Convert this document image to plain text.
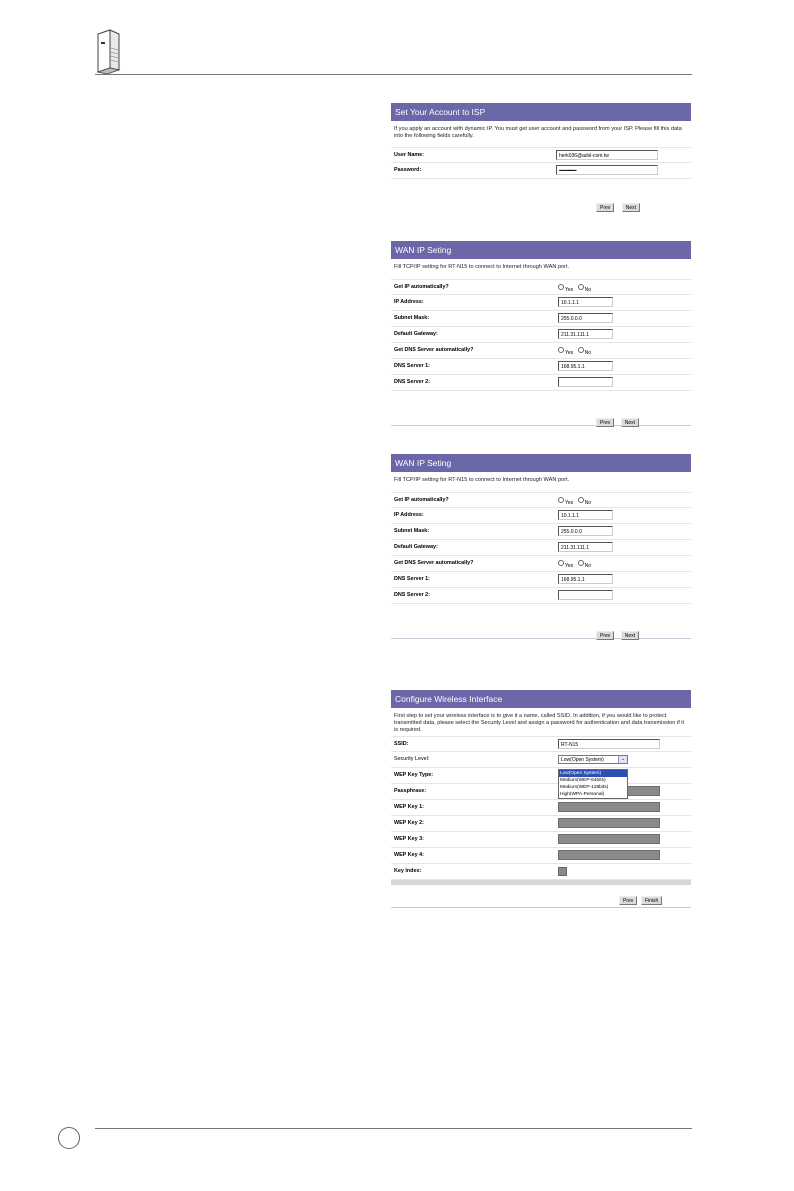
Set Your Account to ISP
If you apply an account with dynamic IP. You must get user account and password from your ISP. Please fill this data into the following fields carefully.
User Name:	herk036@adsl-com.tw
Password:	••••••••••••••••
Prev	Next
WAN IP Seting
Fill TCP/IP setting for RT-N15 to connect to Internet through WAN port.
Get IP automatically?	Yes No
IP Address:	10.1.1.1
Subnet Mask:	255.0.0.0
Default Gateway:	211.31.111.1
Get DNS Server automatically?	Yes No
DNS Server 1:	168.95.1.1
DNS Server 2:
Prev	Next
WAN IP Seting
Fill TCP/IP setting for RT-N15 to connect to Internet through WAN port.
Get IP automatically?	Yes No
IP Address:	10.1.1.1
Subnet Mask:	255.0.0.0
Default Gateway:	211.31.111.1
Get DNS Server automatically?	Yes No
DNS Server 1:	168.95.1.1
DNS Server 2:
Prev	Next
Configure Wireless Interface
First step to set your wireless interface is to give it a name, called SSID. In addition, if you would like to protect transmitted data, please select the Security Level and assign a password for authentication and data transmission if it is required.
SSID:	RT-N15
Security Level:	Low(Open System)	⌄
WEP Key Type:
Passphrase:
WEP Key 1:
WEP Key 2:
WEP Key 3:
WEP Key 4:
Key Index:
Prev	Finish
Low(Open System)
Medium(WEP-64bits)
Medium(WEP-128bits)
High(WPA-Personal)
